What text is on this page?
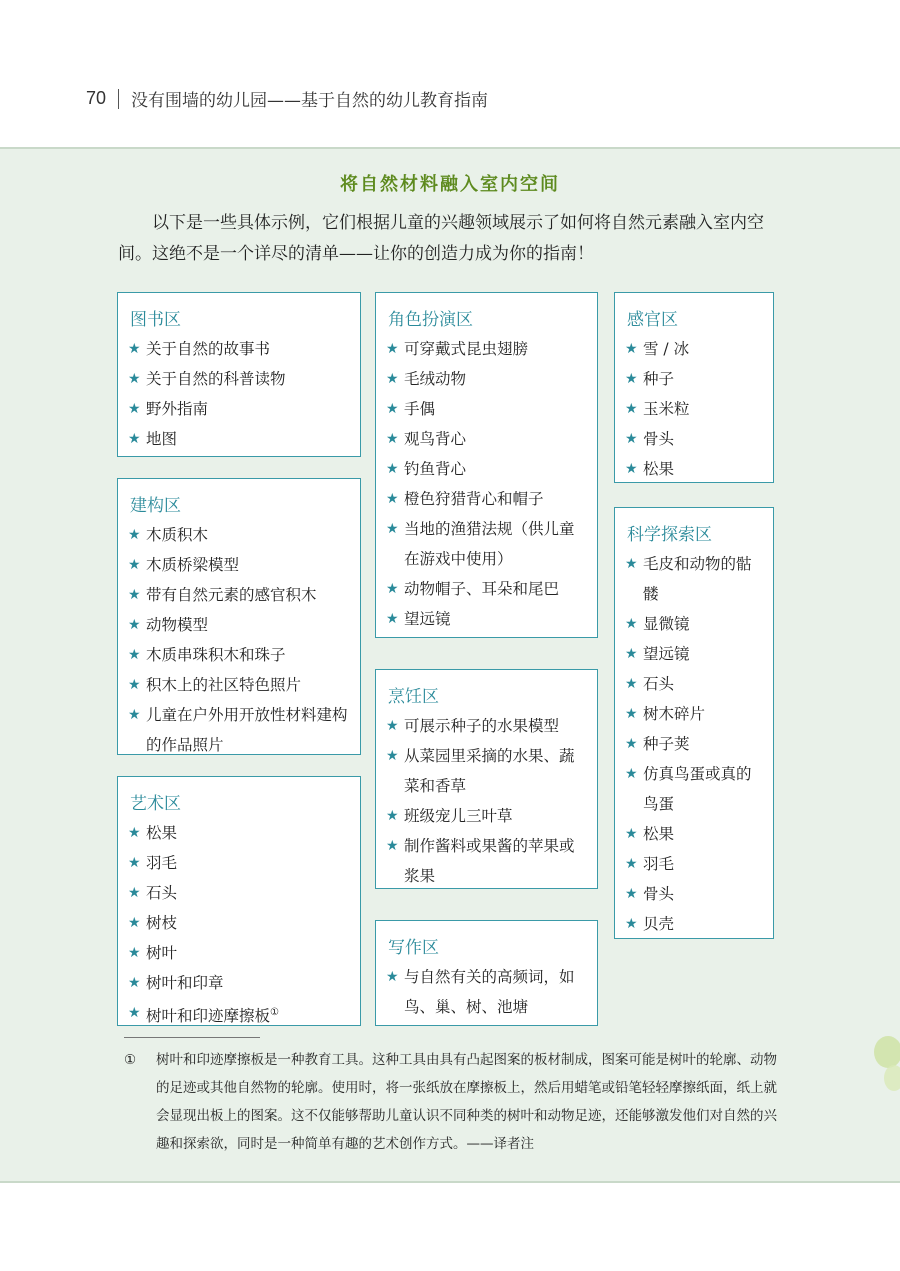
70 没有围墙的幼儿园——基于自然的幼儿教育指南
将自然材料融入室内空间
以下是一些具体示例，它们根据儿童的兴趣领域展示了如何将自然元素融入室内空间。这绝不是一个详尽的清单——让你的创造力成为你的指南！
图书区
★ 关于自然的故事书
★ 关于自然的科普读物
★ 野外指南
★ 地图
建构区
★ 木质积木
★ 木质桥梁模型
★ 带有自然元素的感官积木
★ 动物模型
★ 木质串珠积木和珠子
★ 积木上的社区特色照片
★ 儿童在户外用开放性材料建构的作品照片
艺术区
★ 松果
★ 羽毛
★ 石头
★ 树枝
★ 树叶
★ 树叶和印章
★ 树叶和印迹摩擦板①
角色扮演区
★ 可穿戴式昆虫翅膀
★ 毛绒动物
★ 手偶
★ 观鸟背心
★ 钓鱼背心
★ 橙色狩猎背心和帽子
★ 当地的渔猎法规（供儿童在游戏中使用）
★ 动物帽子、耳朵和尾巴
★ 望远镜
烹饪区
★ 可展示种子的水果模型
★ 从菜园里采摘的水果、蔬菜和香草
★ 班级宠儿三叶草
★ 制作酱料或果酱的苹果或浆果
写作区
★ 与自然有关的高频词，如鸟、巢、树、池塘
感官区
★ 雪 / 冰
★ 种子
★ 玉米粒
★ 骨头
★ 松果
科学探索区
★ 毛皮和动物的骷髅
★ 显微镜
★ 望远镜
★ 石头
★ 树木碎片
★ 种子荚
★ 仿真鸟蛋或真的鸟蛋
★ 松果
★ 羽毛
★ 骨头
★ 贝壳
① 树叶和印迹摩擦板是一种教育工具。这种工具由具有凸起图案的板材制成，图案可能是树叶的轮廓、动物的足迹或其他自然物的轮廓。使用时，将一张纸放在摩擦板上，然后用蜡笔或铅笔轻轻摩擦纸面，纸上就会显现出板上的图案。这不仅能够帮助儿童认识不同种类的树叶和动物足迹，还能够激发他们对自然的兴趣和探索欲，同时是一种简单有趣的艺术创作方式。——译者注
